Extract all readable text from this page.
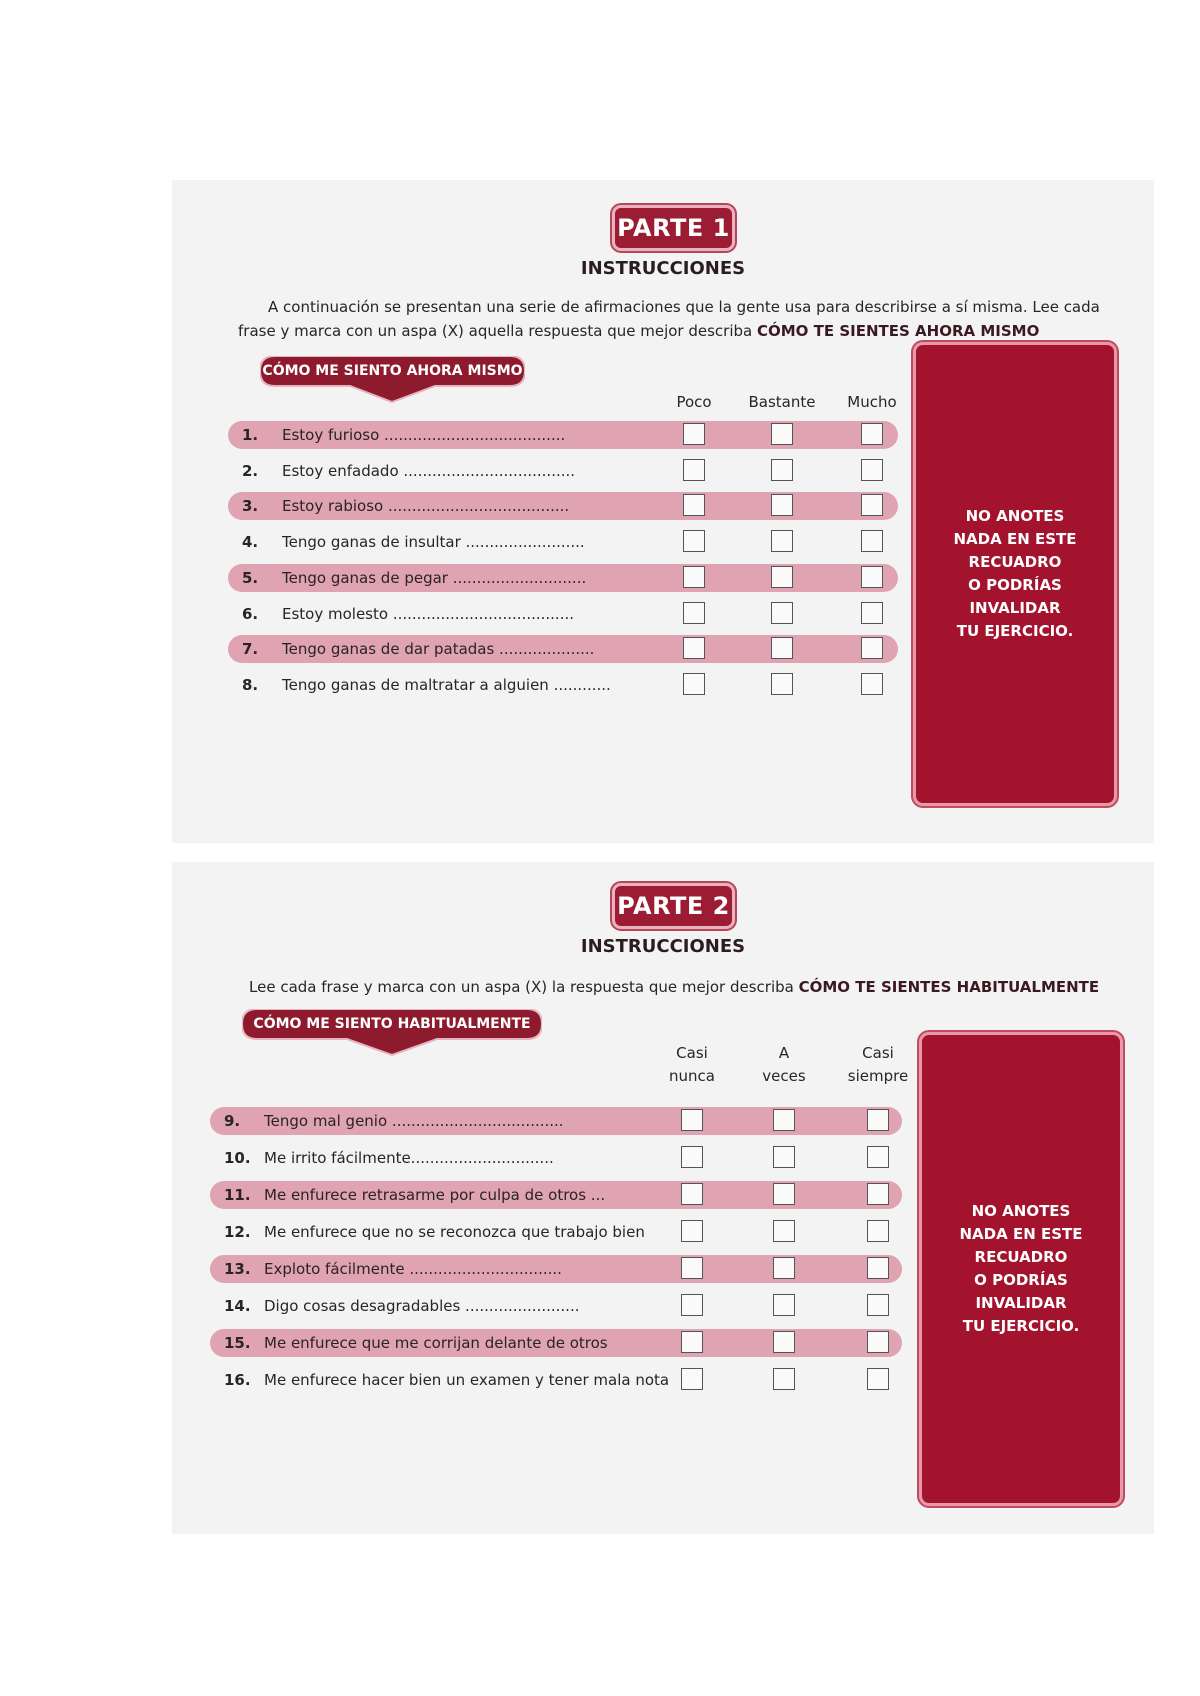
PARTE 1
INSTRUCCIONES
A continuación se presentan una serie de afirmaciones que la gente usa para describirse a sí misma. Lee cada
frase y marca con un aspa (X) aquella respuesta que mejor describa CÓMO TE SIENTES AHORA MISMO
CÓMO ME SIENTO AHORA MISMO
Poco	Bastante	Mucho
1. Estoy furioso ......................................
2. Estoy enfadado ....................................
3. Estoy rabioso ......................................
4. Tengo ganas de insultar .........................
5. Tengo ganas de pegar ............................
6. Estoy molesto ......................................
7. Tengo ganas de dar patadas ....................
8. Tengo ganas de maltratar a alguien ............
NO ANOTES
NADA EN ESTE
RECUADRO
O PODRÍAS
INVALIDAR
TU EJERCICIO.
PARTE 2
INSTRUCCIONES
Lee cada frase y marca con un aspa (X) la respuesta que mejor describa CÓMO TE SIENTES HABITUALMENTE
CÓMO ME SIENTO HABITUALMENTE
Casi
nunca
A
veces
Casi
siempre
9. Tengo mal genio ....................................
10. Me irrito fácilmente..............................
11. Me enfurece retrasarme por culpa de otros ...
12. Me enfurece que no se reconozca que trabajo bien
13. Exploto fácilmente ................................
14. Digo cosas desagradables ........................
15. Me enfurece que me corrijan delante de otros
16. Me enfurece hacer bien un examen y tener mala nota
NO ANOTES
NADA EN ESTE
RECUADRO
O PODRÍAS
INVALIDAR
TU EJERCICIO.
